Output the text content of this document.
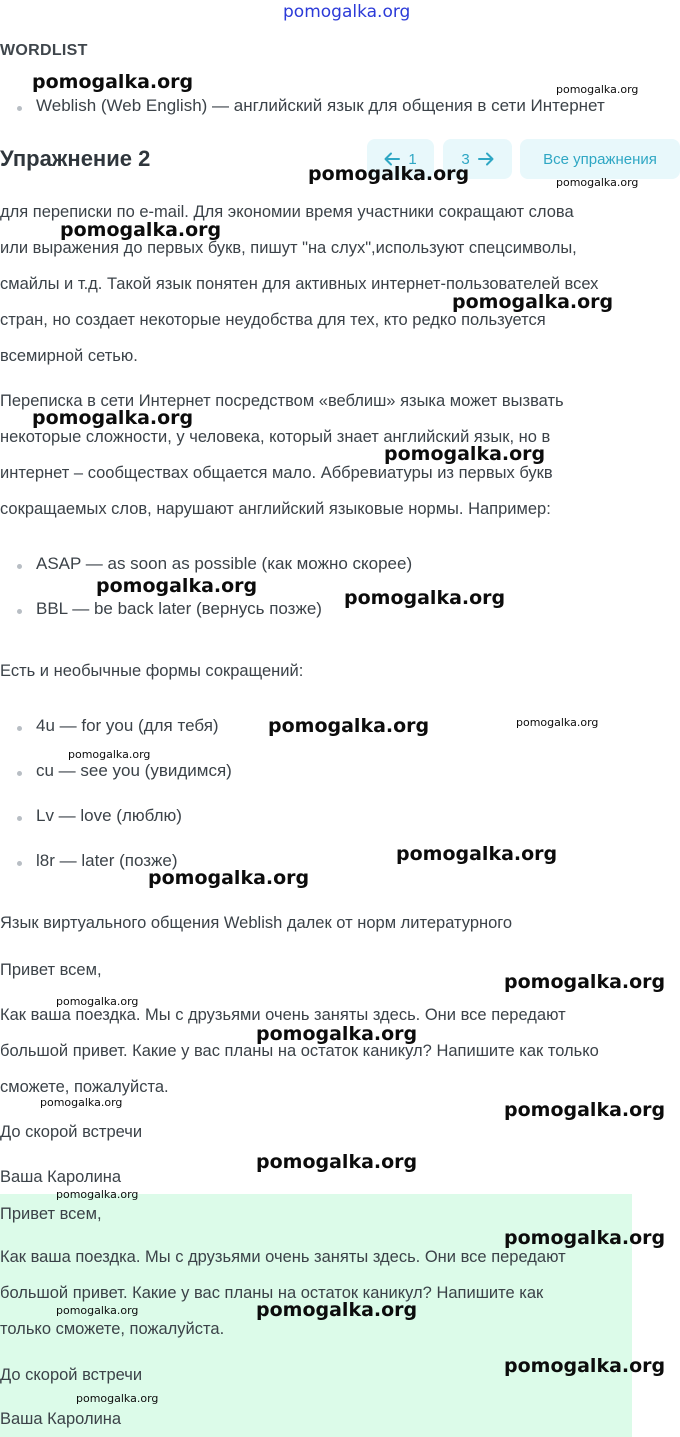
pomogalka.org
WORDLIST
Weblish (Web English) — английский язык для общения в сети Интернет
Упражнение 2	1	3	Все упражнения
для переписки по e-mail. Для экономии время участники сокращают слова
или выражения до первых букв, пишут "на слух",используют спецсимволы,
смайлы и т.д. Такой язык понятен для активных интернет-пользователей всех
стран, но создает некоторые неудобства для тех, кто редко пользуется
всемирной сетью.
Переписка в сети Интернет посредством «веблиш» языка может вызвать
некоторые сложности, у человека, который знает английский язык, но в
интернет – сообществах общается мало. Аббревиатуры из первых букв
сокращаемых слов, нарушают английский языковые нормы. Например:
ASAP — as soon as possible (как можно скорее)
BBL — be back later (вернусь позже)
Есть и необычные формы сокращений:
4u — for you (для тебя)
cu — see you (увидимся)
Lv — love (люблю)
l8r — later (позже)
Язык виртуального общения Weblish далек от норм литературного
Привет всем,
Как ваша поездка. Мы с друзьями очень заняты здесь. Они все передают
большой привет. Какие у вас планы на остаток каникул? Напишите как только
сможете, пожалуйста.
До скорой встречи
Ваша Каролина
Привет всем,
Как ваша поездка. Мы с друзьями очень заняты здесь. Они все передают
большой привет. Какие у вас планы на остаток каникул? Напишите как
только сможете, пожалуйста.
До скорой встречи
Ваша Каролина
pomogalka.org	pomogalka.org
pomogalka.org	pomogalka.org
pomogalka.org
pomogalka.org
pomogalka.org
pomogalka.org
pomogalka.org
pomogalka.org
pomogalka.org	pomogalka.org
pomogalka.org
pomogalka.org
pomogalka.org
pomogalka.org
pomogalka.org
pomogalka.org
pomogalka.org	pomogalka.org
pomogalka.org
pomogalka.org
pomogalka.org
pomogalka.org
pomogalka.org
pomogalka.org
pomogalka.org
